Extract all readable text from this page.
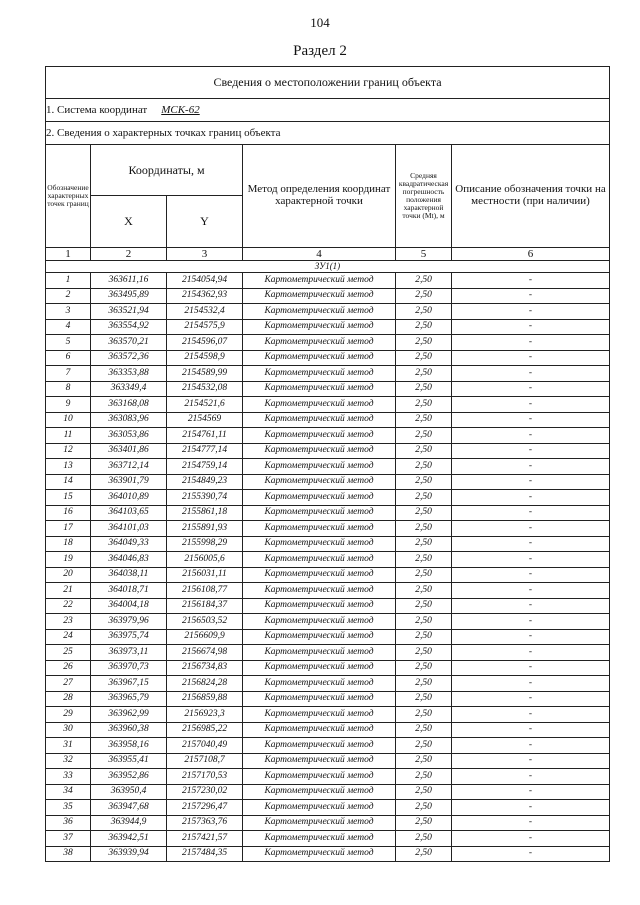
104
Раздел 2
Сведения о местоположении границ объекта					
1. Система координат МСК-62					
2. Сведения о характерных точках границ объекта					
Обозначение характерных точек границ	Координаты, м		Метод определения координат характерной точки	Средняя квадратическая погрешность положения характерной точки (Mt), м	Описание обозначения точки на местности (при наличии)
	X	Y			
1	2	3	4	5	6
ЗУ1(1)					
1	363611,16	2154054,94	Картометрический метод	2,50	-
2	363495,89	2154362,93	Картометрический метод	2,50	-
3	363521,94	2154532,4	Картометрический метод	2,50	-
4	363554,92	2154575,9	Картометрический метод	2,50	-
5	363570,21	2154596,07	Картометрический метод	2,50	-
6	363572,36	2154598,9	Картометрический метод	2,50	-
7	363353,88	2154589,99	Картометрический метод	2,50	-
8	363349,4	2154532,08	Картометрический метод	2,50	-
9	363168,08	2154521,6	Картометрический метод	2,50	-
10	363083,96	2154569	Картометрический метод	2,50	-
11	363053,86	2154761,11	Картометрический метод	2,50	-
12	363401,86	2154777,14	Картометрический метод	2,50	-
13	363712,14	2154759,14	Картометрический метод	2,50	-
14	363901,79	2154849,23	Картометрический метод	2,50	-
15	364010,89	2155390,74	Картометрический метод	2,50	-
16	364103,65	2155861,18	Картометрический метод	2,50	-
17	364101,03	2155891,93	Картометрический метод	2,50	-
18	364049,33	2155998,29	Картометрический метод	2,50	-
19	364046,83	2156005,6	Картометрический метод	2,50	-
20	364038,11	2156031,11	Картометрический метод	2,50	-
21	364018,71	2156108,77	Картометрический метод	2,50	-
22	364004,18	2156184,37	Картометрический метод	2,50	-
23	363979,96	2156503,52	Картометрический метод	2,50	-
24	363975,74	2156609,9	Картометрический метод	2,50	-
25	363973,11	2156674,98	Картометрический метод	2,50	-
26	363970,73	2156734,83	Картометрический метод	2,50	-
27	363967,15	2156824,28	Картометрический метод	2,50	-
28	363965,79	2156859,88	Картометрический метод	2,50	-
29	363962,99	2156923,3	Картометрический метод	2,50	-
30	363960,38	2156985,22	Картометрический метод	2,50	-
31	363958,16	2157040,49	Картометрический метод	2,50	-
32	363955,41	2157108,7	Картометрический метод	2,50	-
33	363952,86	2157170,53	Картометрический метод	2,50	-
34	363950,4	2157230,02	Картометрический метод	2,50	-
35	363947,68	2157296,47	Картометрический метод	2,50	-
36	363944,9	2157363,76	Картометрический метод	2,50	-
37	363942,51	2157421,57	Картометрический метод	2,50	-
38	363939,94	2157484,35	Картометрический метод	2,50	-
